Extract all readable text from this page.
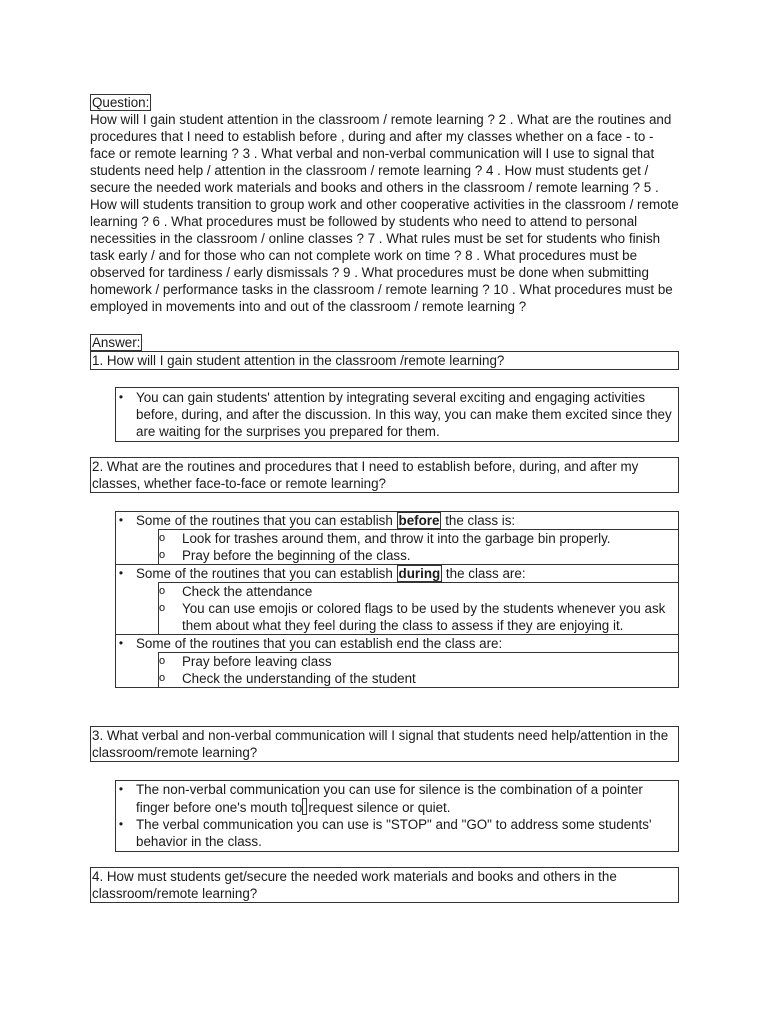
Question:
How will I gain student attention in the classroom / remote learning ? 2 . What are the routines and procedures that I need to establish before , during and after my classes whether on a face - to - face or remote learning ? 3 . What verbal and non-verbal communication will I use to signal that students need help / attention in the classroom / remote learning ? 4 . How must students get / secure the needed work materials and books and others in the classroom / remote learning ? 5 . How will students transition to group work and other cooperative activities in the classroom / remote learning ? 6 . What procedures must be followed by students who need to attend to personal necessities in the classroom / online classes ? 7 . What rules must be set for students who finish task early / and for those who can not complete work on time ? 8 . What procedures must be observed for tardiness / early dismissals ? 9 . What procedures must be done when submitting homework / performance tasks in the classroom / remote learning ? 10 . What procedures must be employed in movements into and out of the classroom / remote learning ?
Answer:
1. How will I gain student attention in the classroom /remote learning?
• You can gain students' attention by integrating several exciting and engaging activities before, during, and after the discussion. In this way, you can make them excited since they are waiting for the surprises you prepared for them.
2. What are the routines and procedures that I need to establish before, during, and after my classes, whether face-to-face or remote learning?
• Some of the routines that you can establish before the class is:
o Look for trashes around them, and throw it into the garbage bin properly.
o Pray before the beginning of the class.
• Some of the routines that you can establish during the class are:
o Check the attendance
o You can use emojis or colored flags to be used by the students whenever you ask them about what they feel during the class to assess if they are enjoying it.
• Some of the routines that you can establish end the class are:
o Pray before leaving class
o Check the understanding of the student
3. What verbal and non-verbal communication will I signal that students need help/attention in the classroom/remote learning?
• The non-verbal communication you can use for silence is the combination of a pointer finger before one's mouth to request silence or quiet.
• The verbal communication you can use is "STOP" and "GO" to address some students' behavior in the class.
4. How must students get/secure the needed work materials and books and others in the classroom/remote learning?
